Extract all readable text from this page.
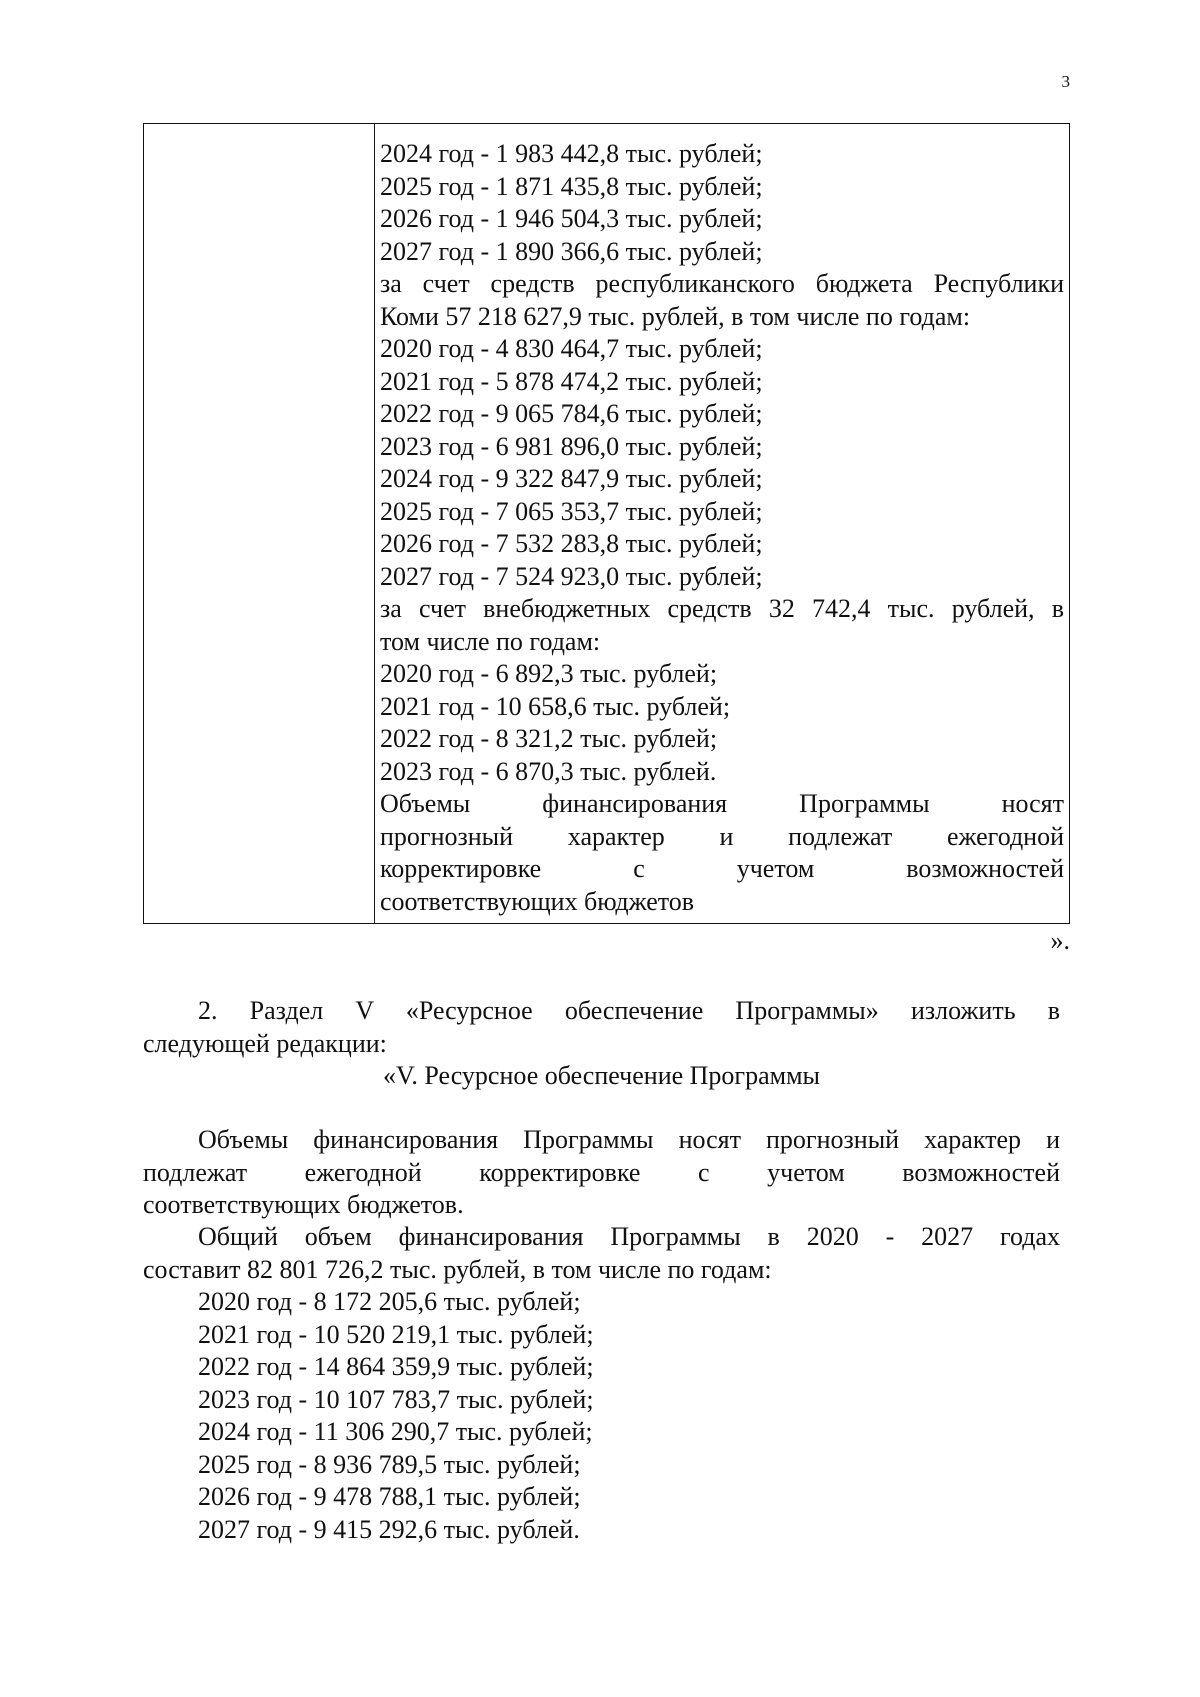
3
2024 год - 1 983 442,8 тыс. рублей;
2025 год - 1 871 435,8 тыс. рублей;
2026 год - 1 946 504,3 тыс. рублей;
2027 год - 1 890 366,6 тыс. рублей;
за счет средств республиканского бюджета Республики
Коми 57 218 627,9 тыс. рублей, в том числе по годам:
2020 год - 4 830 464,7 тыс. рублей;
2021 год - 5 878 474,2 тыс. рублей;
2022 год - 9 065 784,6 тыс. рублей;
2023 год - 6 981 896,0 тыс. рублей;
2024 год - 9 322 847,9 тыс. рублей;
2025 год - 7 065 353,7 тыс. рублей;
2026 год - 7 532 283,8 тыс. рублей;
2027 год - 7 524 923,0 тыс. рублей;
за счет внебюджетных средств 32 742,4 тыс. рублей, в
том числе по годам:
2020 год - 6 892,3 тыс. рублей;
2021 год - 10 658,6 тыс. рублей;
2022 год - 8 321,2 тыс. рублей;
2023 год - 6 870,3 тыс. рублей.
Объемы финансирования Программы носят
прогнозный характер и подлежат ежегодной
корректировке с учетом возможностей
соответствующих бюджетов
».
2. Раздел V «Ресурсное обеспечение Программы» изложить в
следующей редакции:
«V. Ресурсное обеспечение Программы
Объемы финансирования Программы носят прогнозный характер и
подлежат ежегодной корректировке с учетом возможностей
соответствующих бюджетов.
Общий объем финансирования Программы в 2020 - 2027 годах
составит 82 801 726,2 тыс. рублей, в том числе по годам:
2020 год - 8 172 205,6 тыс. рублей;
2021 год - 10 520 219,1 тыс. рублей;
2022 год - 14 864 359,9 тыс. рублей;
2023 год - 10 107 783,7 тыс. рублей;
2024 год - 11 306 290,7 тыс. рублей;
2025 год - 8 936 789,5 тыс. рублей;
2026 год - 9 478 788,1 тыс. рублей;
2027 год - 9 415 292,6 тыс. рублей.
